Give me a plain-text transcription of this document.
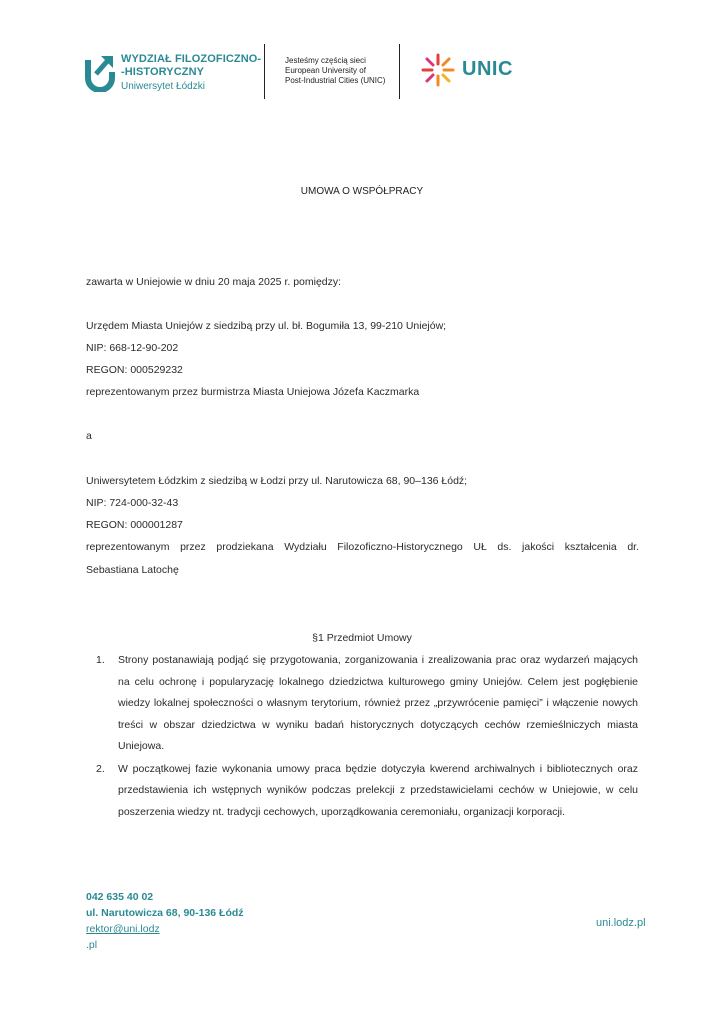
WYDZIAŁ FILOZOFICZNO-
-HISTORYCZNY
Uniwersytet Łódzki
Jesteśmy częścią sieci
European University of
Post-Industrial Cities (UNIC)
UNIC
UMOWA O WSPÓŁPRACY
zawarta w Uniejowie w dniu 20 maja 2025 r. pomiędzy:
Urzędem Miasta Uniejów z siedzibą przy ul. bł. Bogumiła 13, 99-210 Uniejów;
NIP: 668-12-90-202
REGON: 000529232
reprezentowanym przez burmistrza Miasta Uniejowa Józefa Kaczmarka
a
Uniwersytetem Łódzkim z siedzibą w Łodzi przy ul. Narutowicza 68, 90–136 Łódź;
NIP: 724-000-32-43
REGON: 000001287
reprezentowanym przez prodziekana Wydziału Filozoficzno-Historycznego UŁ ds. jakości kształcenia dr.
Sebastiana Latochę
§1 Przedmiot Umowy
1.	Strony postanawiają podjąć się przygotowania, zorganizowania i zrealizowania prac oraz wydarzeń mających na celu ochronę i popularyzację lokalnego dziedzictwa kulturowego gminy Uniejów. Celem jest pogłębienie wiedzy lokalnej społeczności o własnym terytorium, również przez „przywrócenie pamięci” i włączenie nowych treści w obszar dziedzictwa w wyniku badań historycznych dotyczących cechów rzemieślniczych miasta Uniejowa.
2.	W początkowej fazie wykonania umowy praca będzie dotyczyła kwerend archiwalnych i bibliotecznych oraz przedstawienia ich wstępnych wyników podczas prelekcji z przedstawicielami cechów w Uniejowie, w celu poszerzenia wiedzy nt. tradycji cechowych, uporządkowania ceremoniału, organizacji korporacji.
042 635 40 02
ul. Narutowicza 68, 90-136 Łódź
rektor@uni.lodz
.pl
uni.lodz.pl
